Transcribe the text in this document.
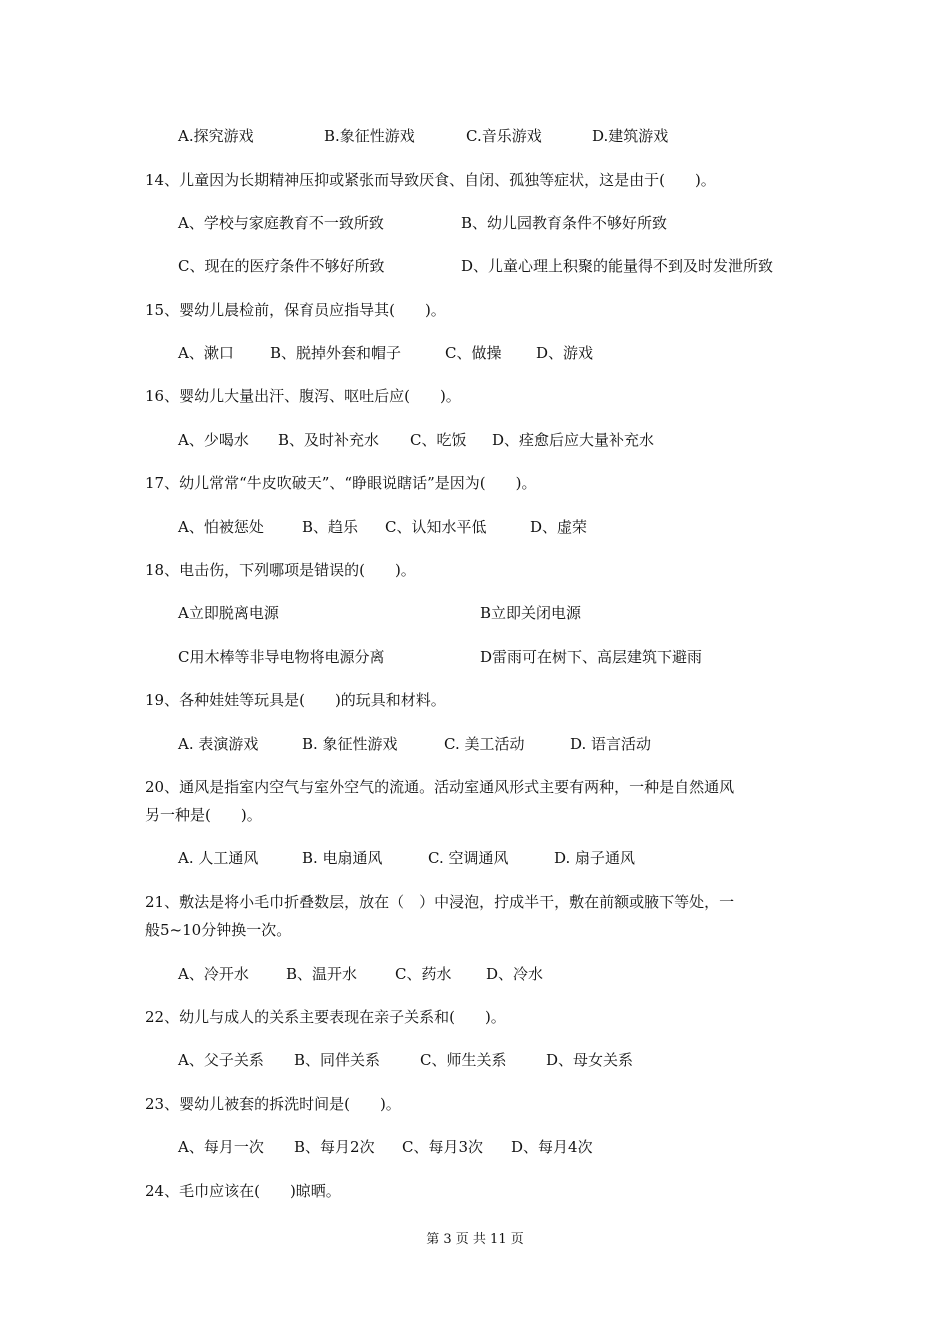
A.探究游戏	B.象征性游戏	C.音乐游戏	D.建筑游戏
14、儿童因为长期精神压抑或紧张而导致厌食、自闭、孤独等症状，这是由于(　　)。
A、学校与家庭教育不一致所致	B、幼儿园教育条件不够好所致
C、现在的医疗条件不够好所致	D、儿童心理上积聚的能量得不到及时发泄所致
15、婴幼儿晨检前，保育员应指导其(　　)。
A、漱口 B、脱掉外套和帽子	C、做操 D、游戏
16、婴幼儿大量出汗、腹泻、呕吐后应(　　)。
A、少喝水 B、及时补充水 C、吃饭 D、痊愈后应大量补充水
17、幼儿常常“牛皮吹破天”、“睁眼说瞎话”是因为(　　)。
A、怕被惩处	B、趋乐 C、认知水平低	D、虚荣
18、电击伤，下列哪项是错误的(　　)。
A立即脱离电源	B立即关闭电源
C用木棒等非导电物将电源分离	D雷雨可在树下、高层建筑下避雨
19、各种娃娃等玩具是(　　)的玩具和材料。
A. 表演游戏	B. 象征性游戏	C. 美工活动	D. 语言活动
20、通风是指室内空气与室外空气的流通。活动室通风形式主要有两种，一种是自然通风
另一种是(　　)。
A. 人工通风	B. 电扇通风	C. 空调通风	D. 扇子通风
21、敷法是将小毛巾折叠数层，放在（　）中浸泡，拧成半干，敷在前额或腋下等处，一
般5~10分钟换一次。
A、冷开水 B、温开水	C、药水 D、冷水
22、幼儿与成人的关系主要表现在亲子关系和(　　)。
A、父子关系 B、同伴关系	C、师生关系	D、母女关系
23、婴幼儿被套的拆洗时间是(　　)。
A、每月一次 B、每月2次 C、每月3次 D、每月4次
24、毛巾应该在(　　)晾晒。
第 3 页 共 11 页
